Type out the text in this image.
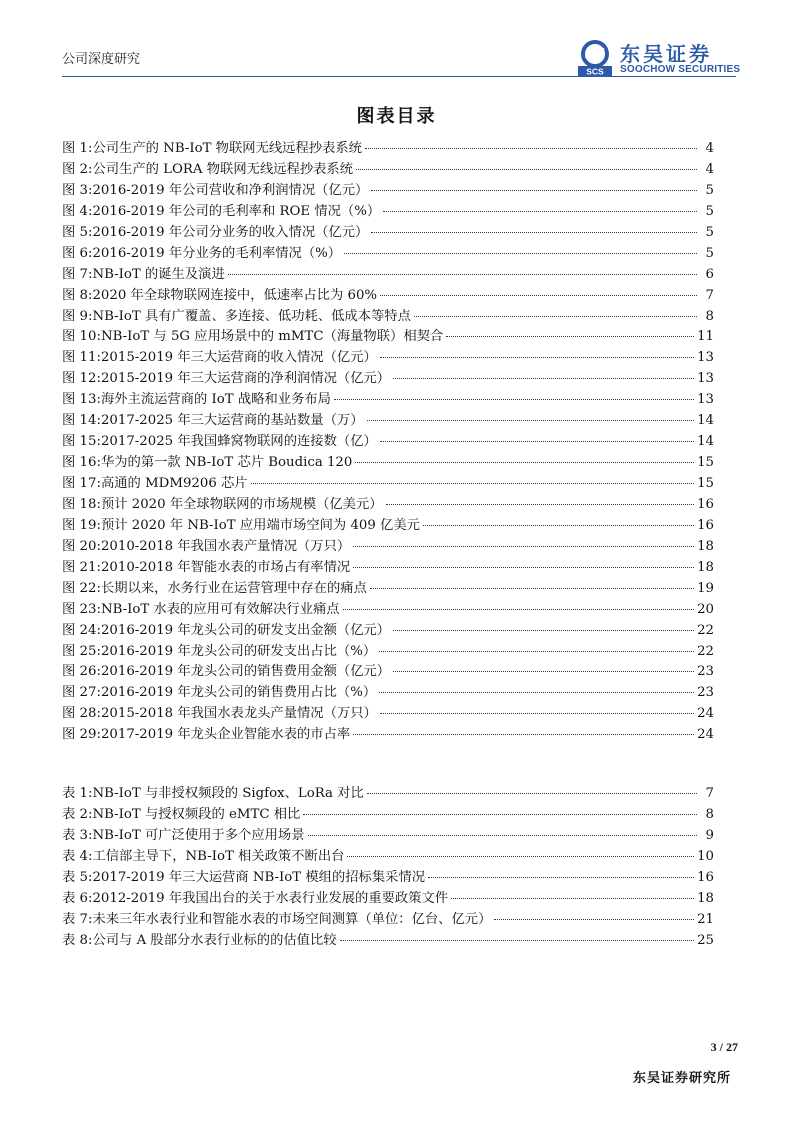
公司深度研究
SCS
东吴证券
SOOCHOW SECURITIES
图表目录
图 1: 公司生产的 NB-IoT 物联网无线远程抄表系统	4
图 2: 公司生产的 LORA 物联网无线远程抄表系统	4
图 3: 2016-2019 年公司营收和净利润情况（亿元）	5
图 4: 2016-2019 年公司的毛利率和 ROE 情况（%）	5
图 5: 2016-2019 年公司分业务的收入情况（亿元）	5
图 6: 2016-2019 年分业务的毛利率情况（%）	5
图 7: NB-IoT 的诞生及演进	6
图 8: 2020 年全球物联网连接中，低速率占比为 60%	7
图 9: NB-IoT 具有广覆盖、多连接、低功耗、低成本等特点	8
图 10: NB-IoT 与 5G 应用场景中的 mMTC（海量物联）相契合	11
图 11: 2015-2019 年三大运营商的收入情况（亿元）	13
图 12: 2015-2019 年三大运营商的净利润情况（亿元）	13
图 13: 海外主流运营商的 IoT 战略和业务布局	13
图 14: 2017-2025 年三大运营商的基站数量（万）	14
图 15: 2017-2025 年我国蜂窝物联网的连接数（亿）	14
图 16: 华为的第一款 NB-IoT 芯片 Boudica 120	15
图 17: 高通的 MDM9206 芯片	15
图 18: 预计 2020 年全球物联网的市场规模（亿美元）	16
图 19: 预计 2020 年 NB-IoT 应用端市场空间为 409 亿美元	16
图 20: 2010-2018 年我国水表产量情况（万只）	18
图 21: 2010-2018 年智能水表的市场占有率情况	18
图 22: 长期以来，水务行业在运营管理中存在的痛点	19
图 23: NB-IoT 水表的应用可有效解决行业痛点	20
图 24: 2016-2019 年龙头公司的研发支出金额（亿元）	22
图 25: 2016-2019 年龙头公司的研发支出占比（%）	22
图 26: 2016-2019 年龙头公司的销售费用金额（亿元）	23
图 27: 2016-2019 年龙头公司的销售费用占比（%）	23
图 28: 2015-2018 年我国水表龙头产量情况（万只）	24
图 29: 2017-2019 年龙头企业智能水表的市占率	24
表 1: NB-IoT 与非授权频段的 Sigfox、LoRa 对比	7
表 2: NB-IoT 与授权频段的 eMTC 相比	8
表 3: NB-IoT 可广泛使用于多个应用场景	9
表 4: 工信部主导下，NB-IoT 相关政策不断出台	10
表 5: 2017-2019 年三大运营商 NB-IoT 模组的招标集采情况	16
表 6: 2012-2019 年我国出台的关于水表行业发展的重要政策文件	18
表 7: 未来三年水表行业和智能水表的市场空间测算（单位：亿台、亿元）	21
表 8: 公司与 A 股部分水表行业标的的估值比较	25
3 / 27
东吴证券研究所
